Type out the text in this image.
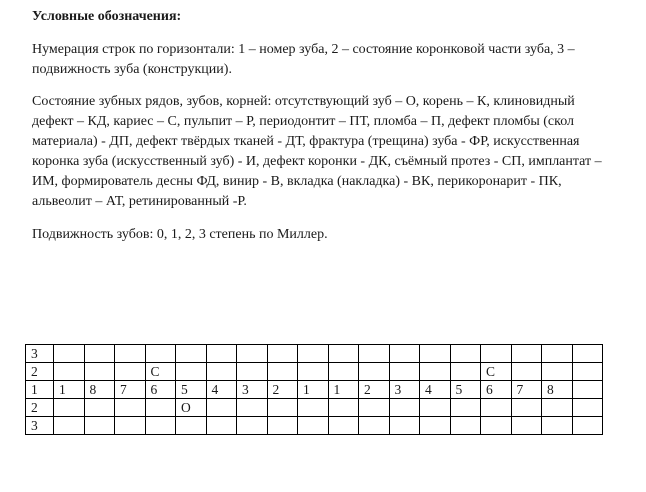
Условные обозначения:

Нумерация строк по горизонтали: 1 – номер зуба, 2 – состояние коронковой части зуба, 3 – подвижность зуба (конструкции).

Состояние зубных рядов, зубов, корней: отсутствующий зуб – О, корень – К, клиновидный дефект – КД, кариес – С, пульпит – Р, периодонтит – ПТ, пломба – П, дефект пломбы (скол материала) - ДП, дефект твёрдых тканей - ДТ, фрактура (трещина) зуба - ФР, искусственная коронка зуба (искусственный зуб) - И, дефект коронки - ДК, съёмный протез - СП, имплантат – ИМ, формирователь десны ФД, винир - В, вкладка (накладка) - ВК, перикоронарит - ПК, альвеолит – АТ, ретинированный -Р.

Подвижность зубов: 0, 1, 2, 3 степень по Миллер.

3																		
2				С											С			
1	1	8	7	6	5	4	3	2	1	1	2	3	4	5	6	7	8	
2					О													
3																		
